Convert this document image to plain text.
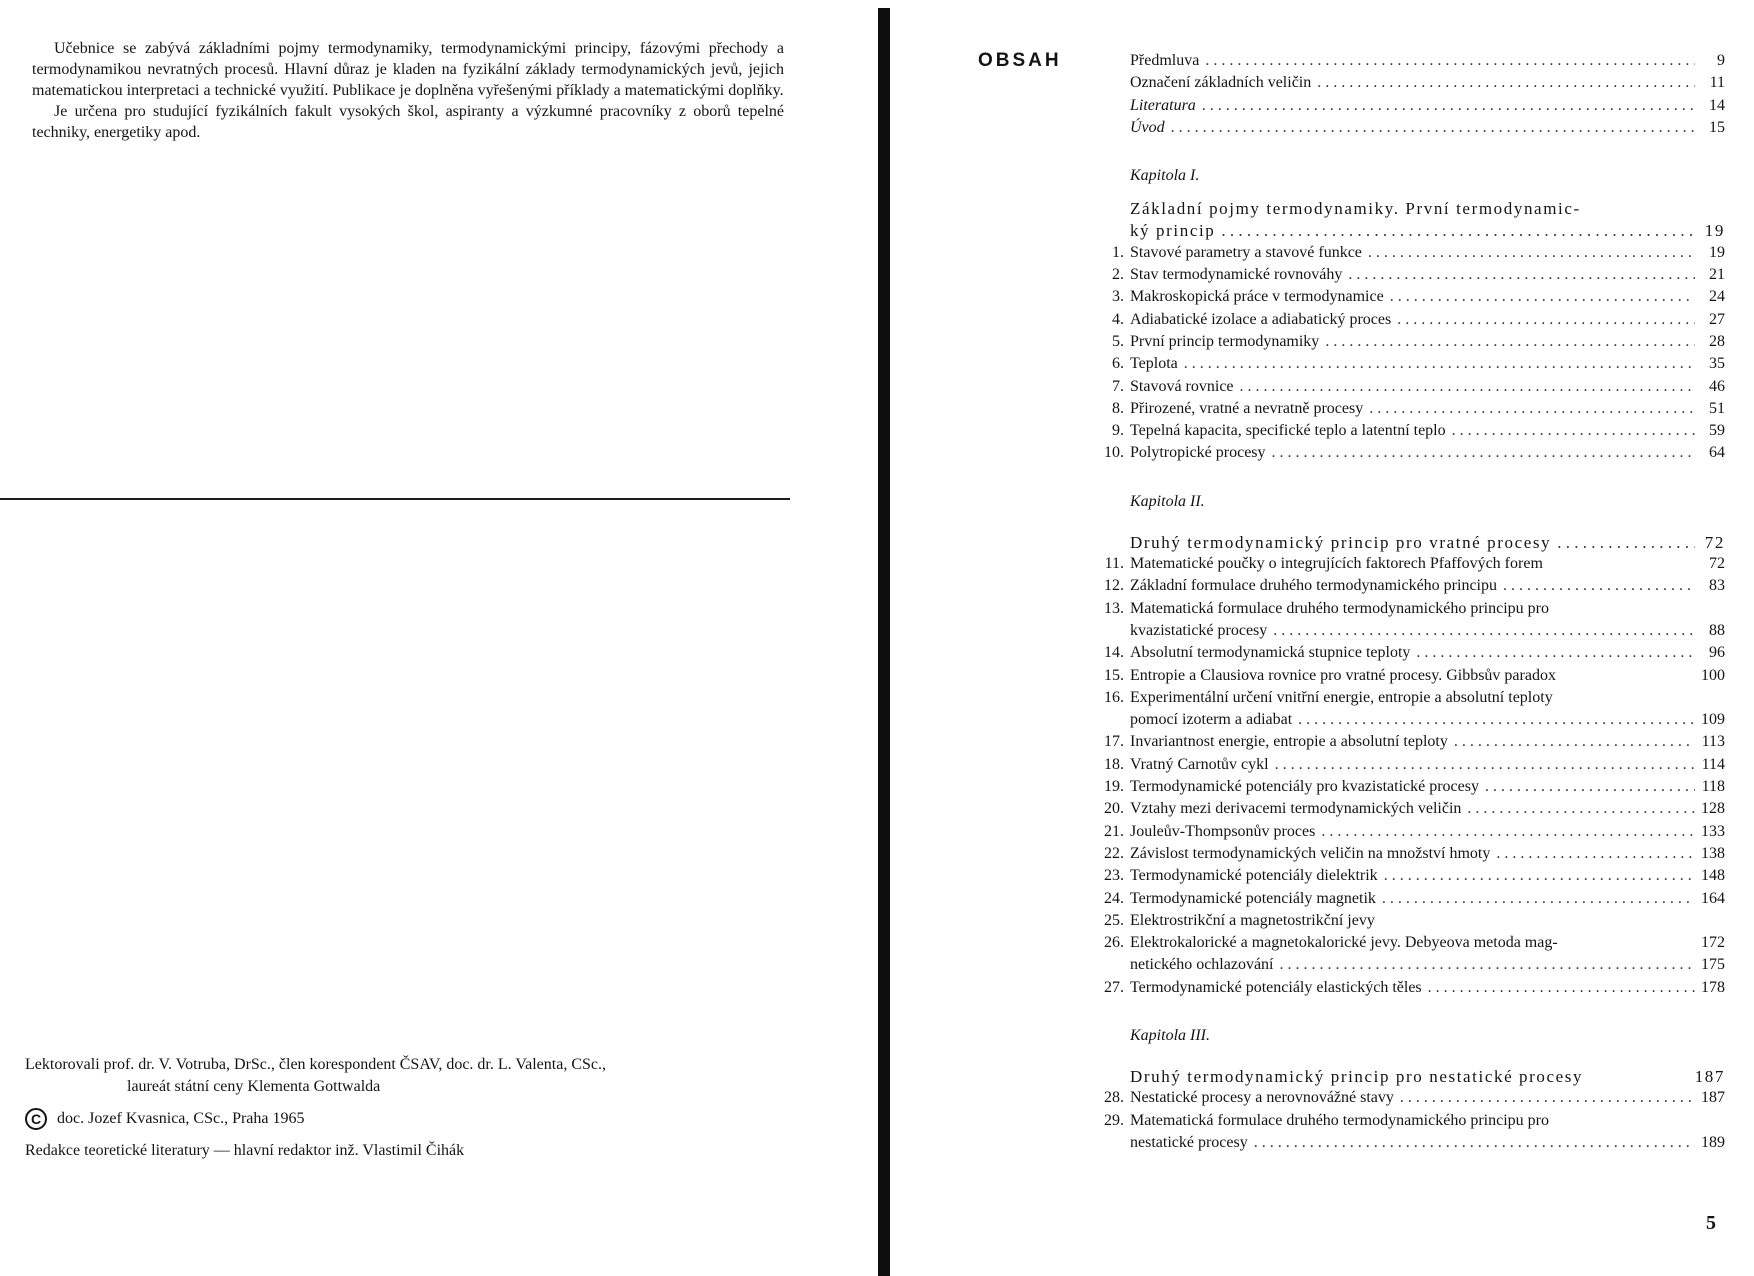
Učebnice se zabývá základními pojmy termodynamiky, termodynamickými principy, fázovými přechody a termodynamikou nevratných procesů. Hlavní důraz je kladen na fyzikální základy termodynamických jevů, jejich matematickou interpretaci a technické využití. Publikace je doplněna vyřešenými příklady a matematickými doplňky.

Je určena pro studující fyzikálních fakult vysokých škol, aspiranty a výzkumné pracovníky z oborů tepelné techniky, energetiky apod.

Lektorovali prof. dr. V. Votruba, DrSc., člen korespondent ČSAV, doc. dr. L. Valenta, CSc.,
laureát státní ceny Klementa Gottwalda
C doc. Jozef Kvasnica, CSc., Praha 1965
Redakce teoretické literatury — hlavní redaktor inž. Vlastimil Čihák
OBSAH	Předmluva . . .	9
Označení základních veličin . . .	11
Literatura . . .	14
Úvod . . .	15
Kapitola I.
Základní pojmy termodynamiky. První termodynamic-
ký princip . . .	19
1. Stavové parametry a stavové funkce . . .	19
2. Stav termodynamické rovnováhy . . .	21
3. Makroskopická práce v termodynamice . . .	24
4. Adiabatické izolace a adiabatický proces . . .	27
5. První princip termodynamiky . . .	28
6. Teplota . . .	35
7. Stavová rovnice . . .	46
8. Přirozené, vratné a nevratně procesy . . .	51
9. Tepelná kapacita, specifické teplo a latentní teplo . . .	59
10. Polytropické procesy . . .	64
Kapitola II.
Druhý termodynamický princip pro vratné procesy . . .	72
11. Matematické poučky o integrujících faktorech Pfaffových forem	72
12. Základní formulace druhého termodynamického principu . . .	83
13. Matematická formulace druhého termodynamického principu pro
kvazistatické procesy . . .	88
14. Absolutní termodynamická stupnice teploty . . .	96
15. Entropie a Clausiova rovnice pro vratné procesy. Gibbsův paradox	100
16. Experimentální určení vnitřní energie, entropie a absolutní teploty
pomocí izoterm a adiabat . . .	109
17. Invariantnost energie, entropie a absolutní teploty . . .	113
18. Vratný Carnotův cykl . . .	114
19. Termodynamické potenciály pro kvazistatické procesy . . .	118
20. Vztahy mezi derivacemi termodynamických veličin . . .	128
21. Jouleův-Thompsonův proces . . .	133
22. Závislost termodynamických veličin na množství hmoty . . .	138
23. Termodynamické potenciály dielektrik . . .	148
24. Termodynamické potenciály magnetik . . .	164
25. Elektrostrikční a magnetostrikční jevy
26. Elektrokalorické a magnetokalorické jevy. Debyeova metoda mag-	172
netického ochlazování . . .	175
27. Termodynamické potenciály elastických těles . . .	178
Kapitola III.
Druhý termodynamický princip pro nestatické procesy	187
28. Nestatické procesy a nerovnovážné stavy . . .	187
29. Matematická formulace druhého termodynamického principu pro
nestatické procesy . . .	189
5
